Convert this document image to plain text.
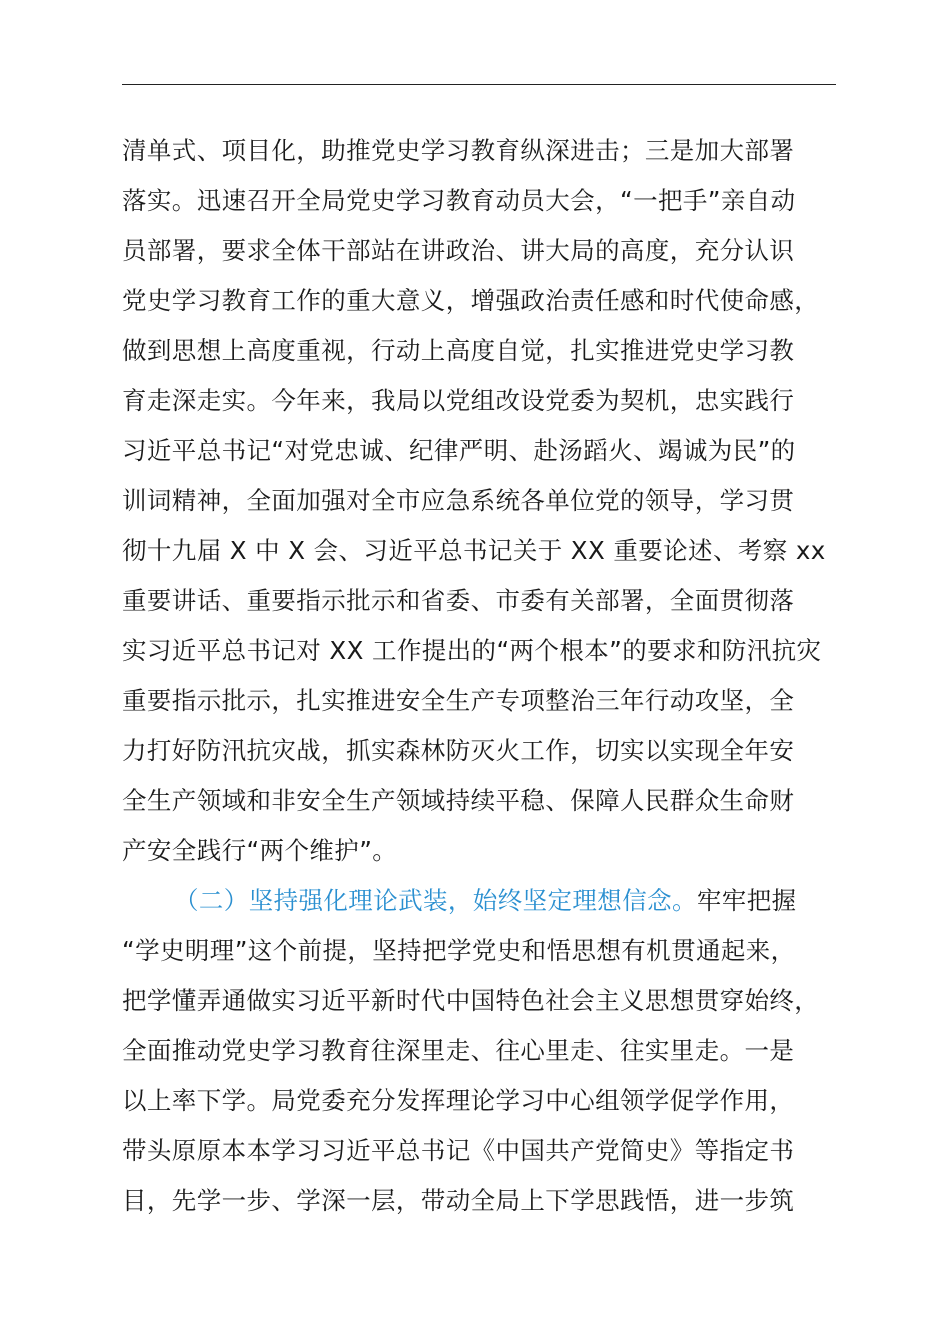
清单式、项目化，助推党史学习教育纵深进击；三是加大部署
落实。迅速召开全局党史学习教育动员大会，“一把手”亲自动
员部署，要求全体干部站在讲政治、讲大局的高度，充分认识
党史学习教育工作的重大意义，增强政治责任感和时代使命感，
做到思想上高度重视，行动上高度自觉，扎实推进党史学习教
育走深走实。今年来，我局以党组改设党委为契机，忠实践行
习近平总书记“对党忠诚、纪律严明、赴汤蹈火、竭诚为民”的
训词精神，全面加强对全市应急系统各单位党的领导，学习贯
彻十九届 X 中 X 会、习近平总书记关于 XX 重要论述、考察 xx
重要讲话、重要指示批示和省委、市委有关部署，全面贯彻落
实习近平总书记对 XX 工作提出的“两个根本”的要求和防汛抗灾
重要指示批示，扎实推进安全生产专项整治三年行动攻坚，全
力打好防汛抗灾战，抓实森林防灭火工作，切实以实现全年安
全生产领域和非安全生产领域持续平稳、保障人民群众生命财
产安全践行“两个维护”。
（二）坚持强化理论武装，始终坚定理想信念。牢牢把握
“学史明理”这个前提，坚持把学党史和悟思想有机贯通起来，
把学懂弄通做实习近平新时代中国特色社会主义思想贯穿始终，
全面推动党史学习教育往深里走、往心里走、往实里走。一是
以上率下学。局党委充分发挥理论学习中心组领学促学作用，
带头原原本本学习习近平总书记《中国共产党简史》等指定书
目，先学一步、学深一层，带动全局上下学思践悟，进一步筑
